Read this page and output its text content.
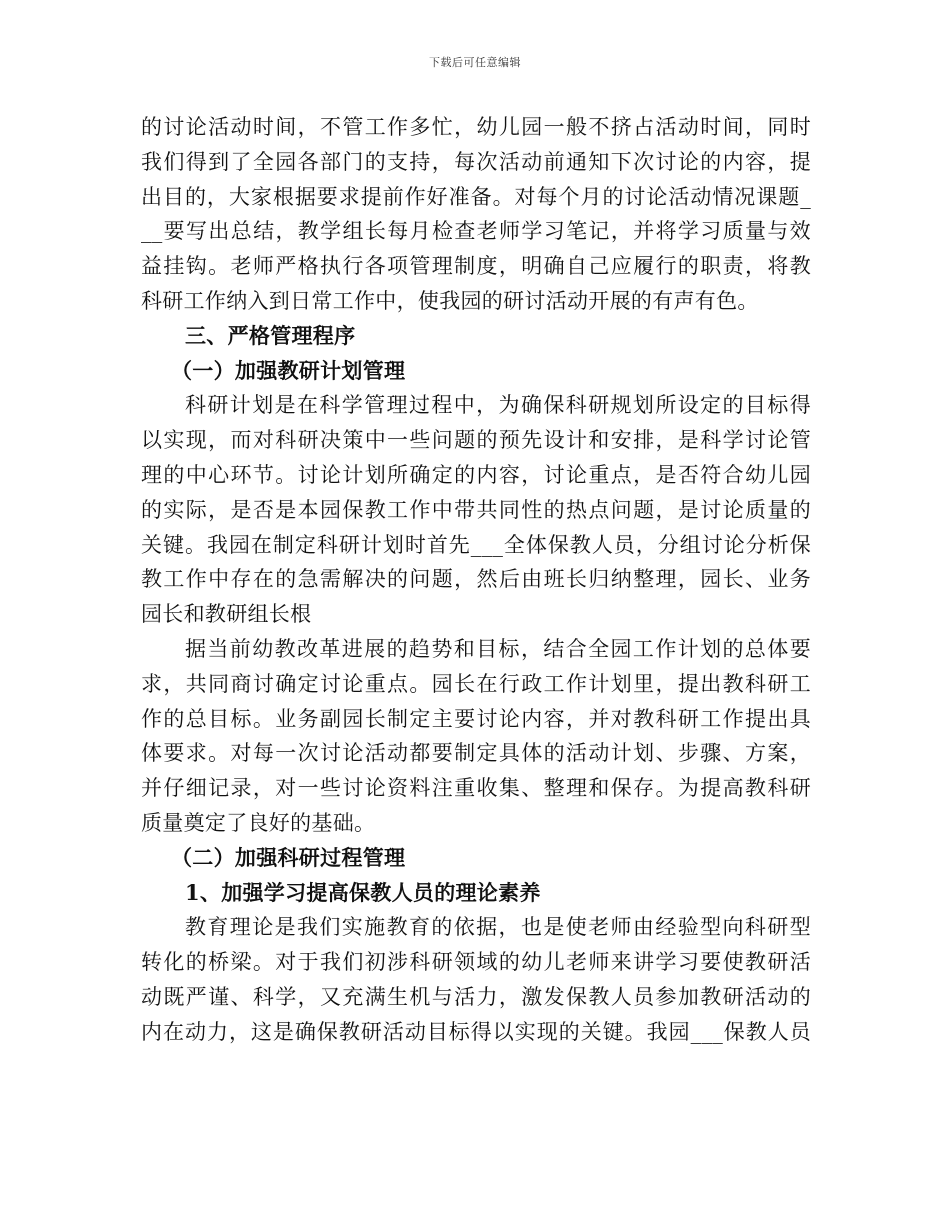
下载后可任意编辑
的讨论活动时间，不管工作多忙，幼儿园一般不挤占活动时间，同时
我们得到了全园各部门的支持，每次活动前通知下次讨论的内容，提
出目的，大家根据要求提前作好准备。对每个月的讨论活动情况课题_
__要写出总结，教学组长每月检查老师学习笔记，并将学习质量与效
益挂钩。老师严格执行各项管理制度，明确自己应履行的职责，将教
科研工作纳入到日常工作中，使我园的研讨活动开展的有声有色。
三、严格管理程序
（一）加强教研计划管理
科研计划是在科学管理过程中，为确保科研规划所设定的目标得
以实现，而对科研决策中一些问题的预先设计和安排，是科学讨论管
理的中心环节。讨论计划所确定的内容，讨论重点，是否符合幼儿园
的实际，是否是本园保教工作中带共同性的热点问题，是讨论质量的
关键。我园在制定科研计划时首先___全体保教人员，分组讨论分析保
教工作中存在的急需解决的问题，然后由班长归纳整理，园长、业务
园长和教研组长根
据当前幼教改革进展的趋势和目标，结合全园工作计划的总体要
求，共同商讨确定讨论重点。园长在行政工作计划里，提出教科研工
作的总目标。业务副园长制定主要讨论内容，并对教科研工作提出具
体要求。对每一次讨论活动都要制定具体的活动计划、步骤、方案，
并仔细记录，对一些讨论资料注重收集、整理和保存。为提高教科研
质量奠定了良好的基础。
（二）加强科研过程管理
1、加强学习提高保教人员的理论素养
教育理论是我们实施教育的依据，也是使老师由经验型向科研型
转化的桥梁。对于我们初涉科研领域的幼儿老师来讲学习要使教研活
动既严谨、科学，又充满生机与活力，激发保教人员参加教研活动的
内在动力，这是确保教研活动目标得以实现的关键。我园___保教人员
